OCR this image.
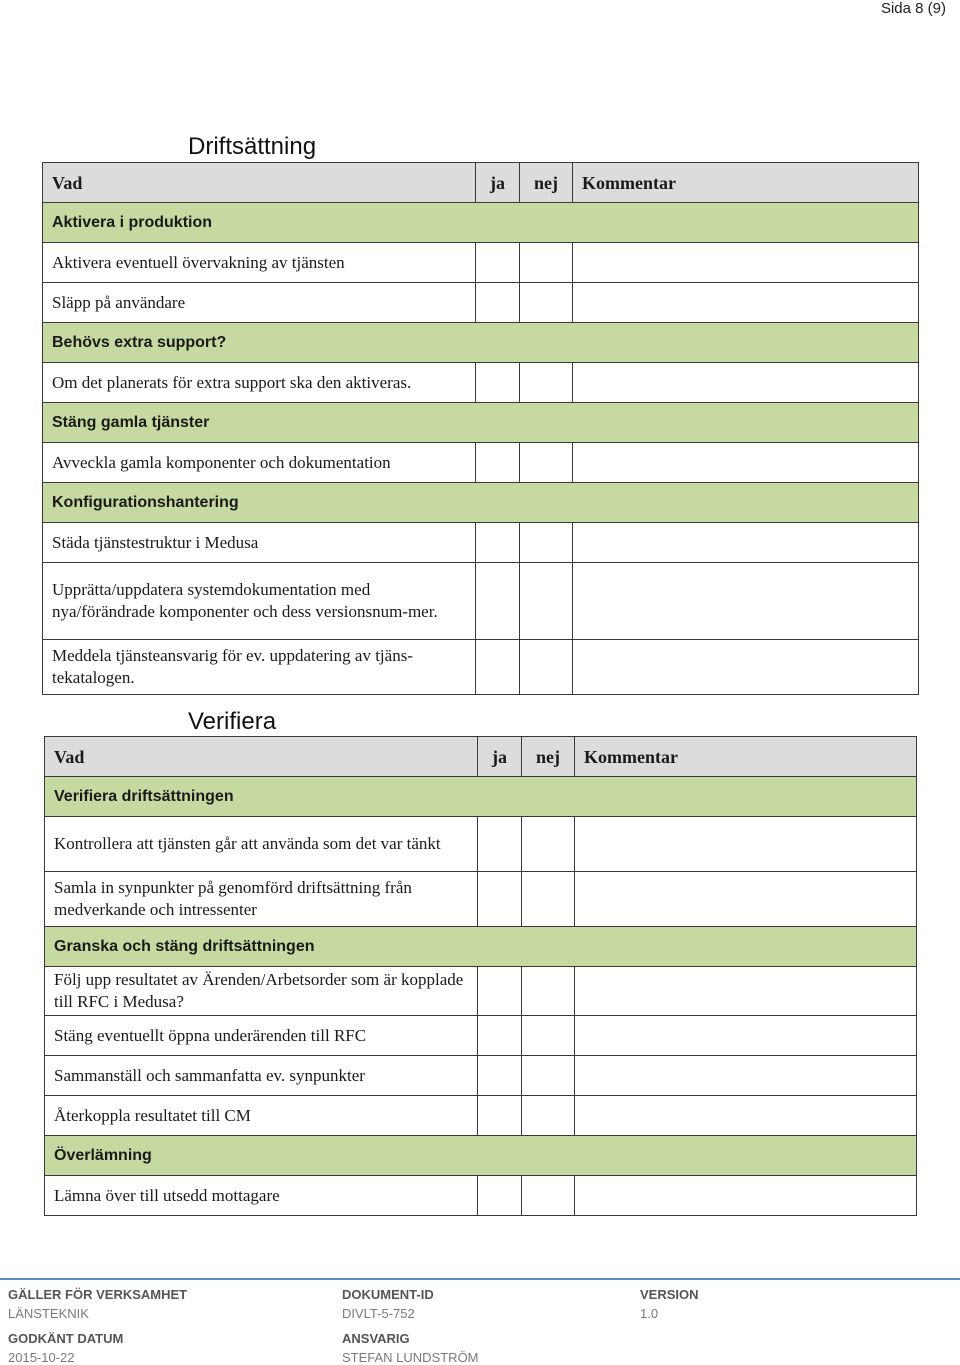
Sida 8 (9)
Driftsättning
Vad	ja	nej	Kommentar
Aktivera i produktion			
Aktivera eventuell övervakning av tjänsten			
Släpp på användare			
Behövs extra support?			
Om det planerats för extra support ska den aktiveras.			
Stäng gamla tjänster			
Avveckla gamla komponenter och dokumentation			
Konfigurationshantering			
Städa tjänstestruktur i Medusa			
Upprätta/uppdatera systemdokumentation med nya/förändrade komponenter och dess versionsnum-mer.			
Meddela tjänsteansvarig för ev. uppdatering av tjäns-tekatalogen.			
Verifiera
Vad	ja	nej	Kommentar
Verifiera driftsättningen			
Kontrollera att tjänsten går att använda som det var tänkt			
Samla in synpunkter på genomförd driftsättning från medverkande och intressenter			
Granska och stäng driftsättningen			
Följ upp resultatet av Ärenden/Arbetsorder som är kopplade till RFC i Medusa?			
Stäng eventuellt öppna underärenden till RFC			
Sammanställ och sammanfatta ev. synpunkter			
Återkoppla resultatet till CM			
Överlämning			
Lämna över till utsedd mottagare			
GÄLLER FÖR VERKSAMHET
LÄNSTEKNIK
DOKUMENT-ID
DIVLT-5-752
VERSION
1.0
GODKÄNT DATUM
2015-10-22
ANSVARIG
STEFAN LUNDSTRÖM
